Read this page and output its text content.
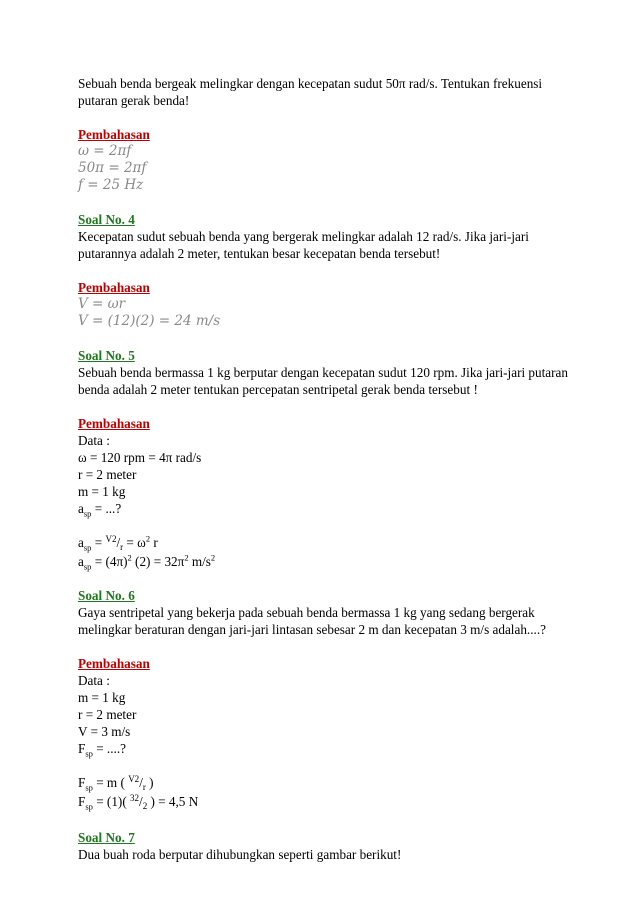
Sebuah benda bergeak melingkar dengan kecepatan sudut 50π rad/s. Tentukan frekuensi putaran gerak benda!

Pembahasan

ω = 2πf

50π = 2πf

f = 25 Hz

Soal No. 4

Kecepatan sudut sebuah benda yang bergerak melingkar adalah 12 rad/s. Jika jari-jari putarannya adalah 2 meter, tentukan besar kecepatan benda tersebut!

Pembahasan

V = ωr

V = (12)(2) = 24 m/s

Soal No. 5

Sebuah benda bermassa 1 kg berputar dengan kecepatan sudut 120 rpm. Jika jari-jari putaran benda adalah 2 meter tentukan percepatan sentripetal gerak benda tersebut !

Pembahasan

Data :

ω = 120 rpm = 4π rad/s

r = 2 meter

m = 1 kg

$a_{sp}$ = ...?

$a_{sp} = ^{V2}/_r = \omega^2$ r

$a_{sp} = (4\pi)^2$ $(2) = 32\pi^2$ $m/s^2$

Soal No. 6

Gaya sentripetal yang bekerja pada sebuah benda bermassa 1 kg yang sedang bergerak melingkar beraturan dengan jari-jari lintasan sebesar 2 m dan kecepatan 3 m/s adalah....?

Pembahasan

Data :

m = 1 kg

r = 2 meter

V = 3 m/s

$F_{sp}$ = ....?

$F_{sp} = m$ ( $^{V2}/_r$ )

$F_{sp} = (1)$( $^{32}/_2$ ) = 4,5 N

Soal No. 7

Dua buah roda berputar dihubungkan seperti gambar berikut!
